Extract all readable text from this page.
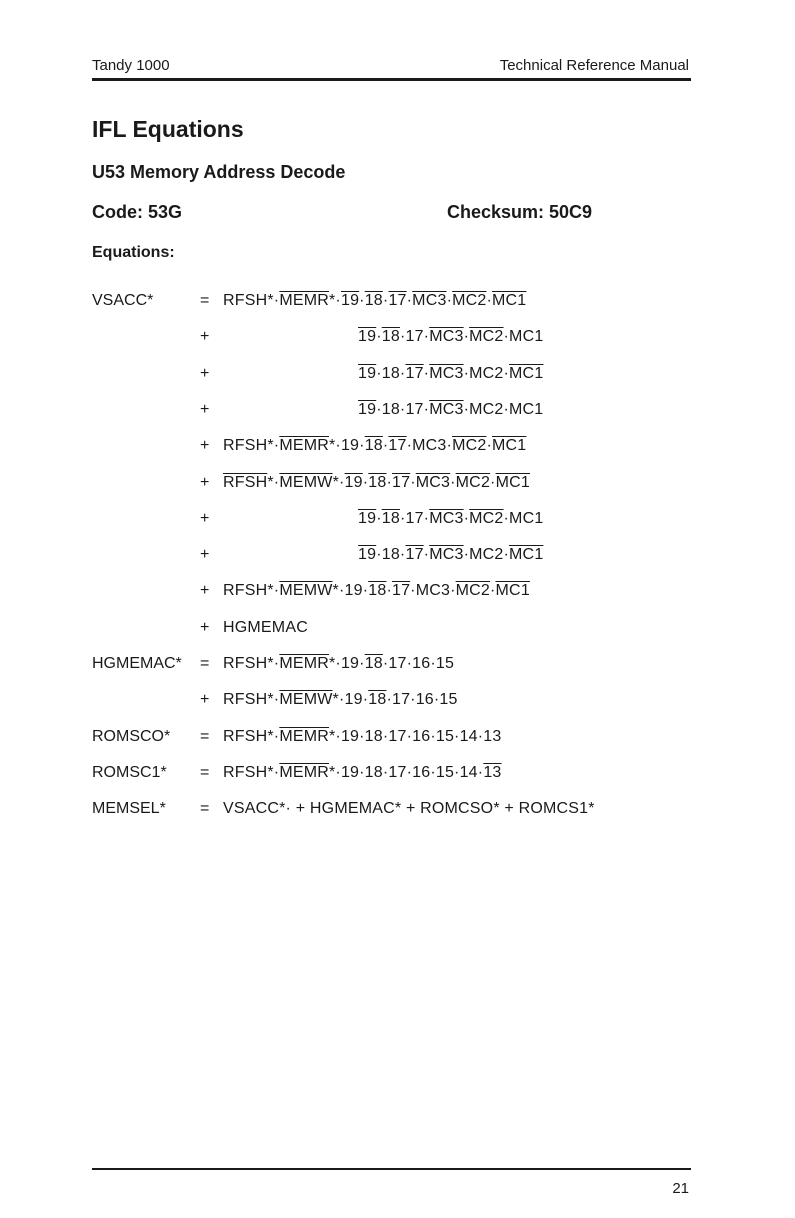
Tandy 1000	Technical Reference Manual
IFL Equations
U53 Memory Address Decode
Code: 53G	Checksum: 50C9
Equations:
VSACC*	= RFSH*·MEMR*·19·18·17·MC3·MC2·MC1
+	19·18·17·MC3·MC2·MC1
+	19·18·17·MC3·MC2·MC1
+	19·18·17·MC3·MC2·MC1
+ RFSH*·MEMR*·19·18·17·MC3·MC2·MC1
+ RFSH*·MEMW*·19·18·17·MC3·MC2·MC1
+	19·18·17·MC3·MC2·MC1
+	19·18·17·MC3·MC2·MC1
+ RFSH*·MEMW*·19·18·17·MC3·MC2·MC1
+ HGMEMAC
HGMEMAC* = RFSH*·MEMR*·19·18·17·16·15
+ RFSH*·MEMW*·19·18·17·16·15
ROMSCO* = RFSH*·MEMR*·19·18·17·16·15·14·13
ROMSC1* = RFSH*·MEMR*·19·18·17·16·15·14·13
MEMSEL* = VSACC*· + HGMEMAC* + ROMCSO* + ROMCS1*
21
